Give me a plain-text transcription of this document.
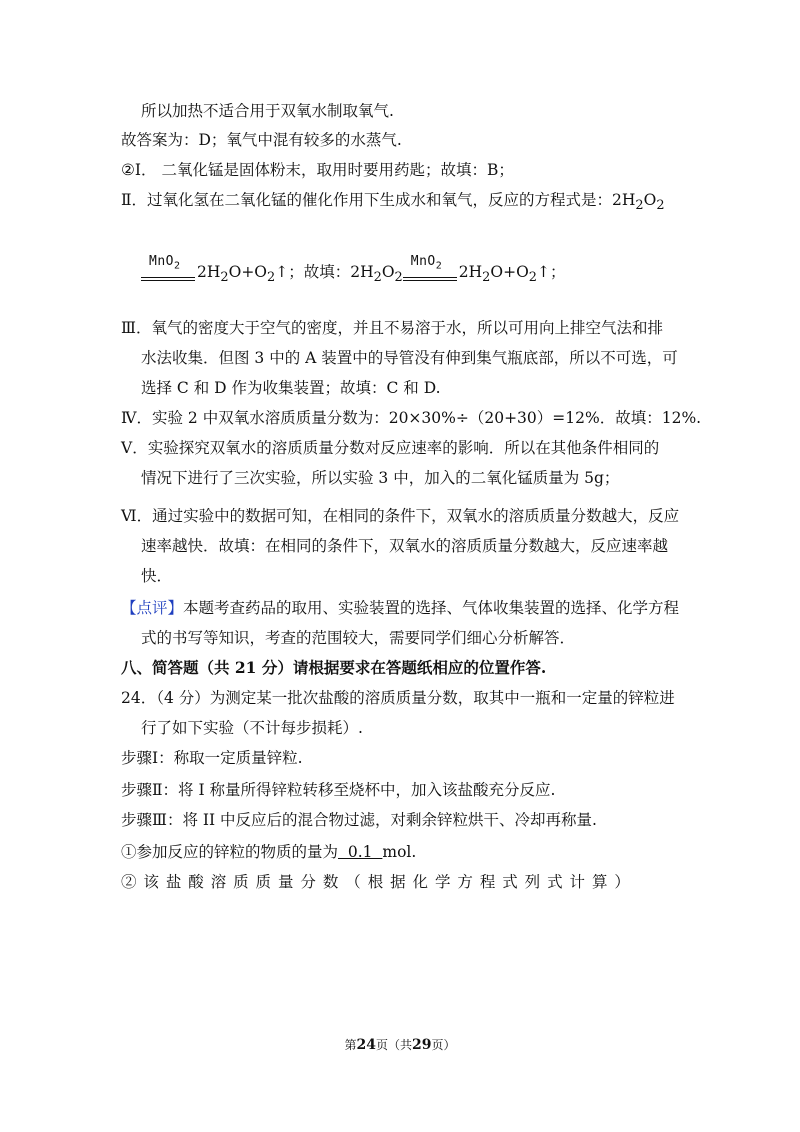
所以加热不适合用于双氧水制取氧气.
故答案为：D；氧气中混有较多的水蒸气.
②Ⅰ． 二氧化锰是固体粉末，取用时要用药匙；故填：B；
Ⅱ．过氧化氢在二氧化锰的催化作用下生成水和氧气，反应的方程式是：$2H_2O_2$
MnO$_2$ $2H_2O+O_2↑$；故填：$2H_2O_2$
MnO$_2$ $2H_2O+O_2↑$；
Ⅲ．氧气的密度大于空气的密度，并且不易溶于水，所以可用向上排空气法和排
水法收集．但图 3 中的 A 装置中的导管没有伸到集气瓶底部，所以不可选，可
选择 C 和 D 作为收集装置；故填：C 和 D.
Ⅳ．实验 2 中双氧水溶质质量分数为：20×30%÷（20+30）=12%．故填：12%.
Ⅴ．实验探究双氧水的溶质质量分数对反应速率的影响．所以在其他条件相同的
情况下进行了三次实验，所以实验 3 中，加入的二氧化锰质量为 5g；
Ⅵ．通过实验中的数据可知，在相同的条件下，双氧水的溶质质量分数越大，反应
速率越快．故填：在相同的条件下，双氧水的溶质质量分数越大，反应速率越
快．
【点评】本题考查药品的取用、实验装置的选择、气体收集装置的选择、化学方程
式的书写等知识，考查的范围较大，需要同学们细心分析解答．
八、简答题（共 21 分）请根据要求在答题纸相应的位置作答.
24．（4 分）为测定某一批次盐酸的溶质质量分数，取其中一瓶和一定量的锌粒进
行了如下实验（不计每步损耗）.
步骤Ⅰ：称取一定质量锌粒.
步骤Ⅱ：将 I 称量所得锌粒转移至烧杯中，加入该盐酸充分反应.
步骤Ⅲ：将 II 中反应后的混合物过滤，对剩余锌粒烘干、冷却再称量.
①参加反应的锌粒的物质的量为  0.1  mol.
② 该 盐 酸 溶 质 质 量 分 数 （ 根 据 化 学 方 程 式 列 式 计 算 ）
第24页（共29页）
